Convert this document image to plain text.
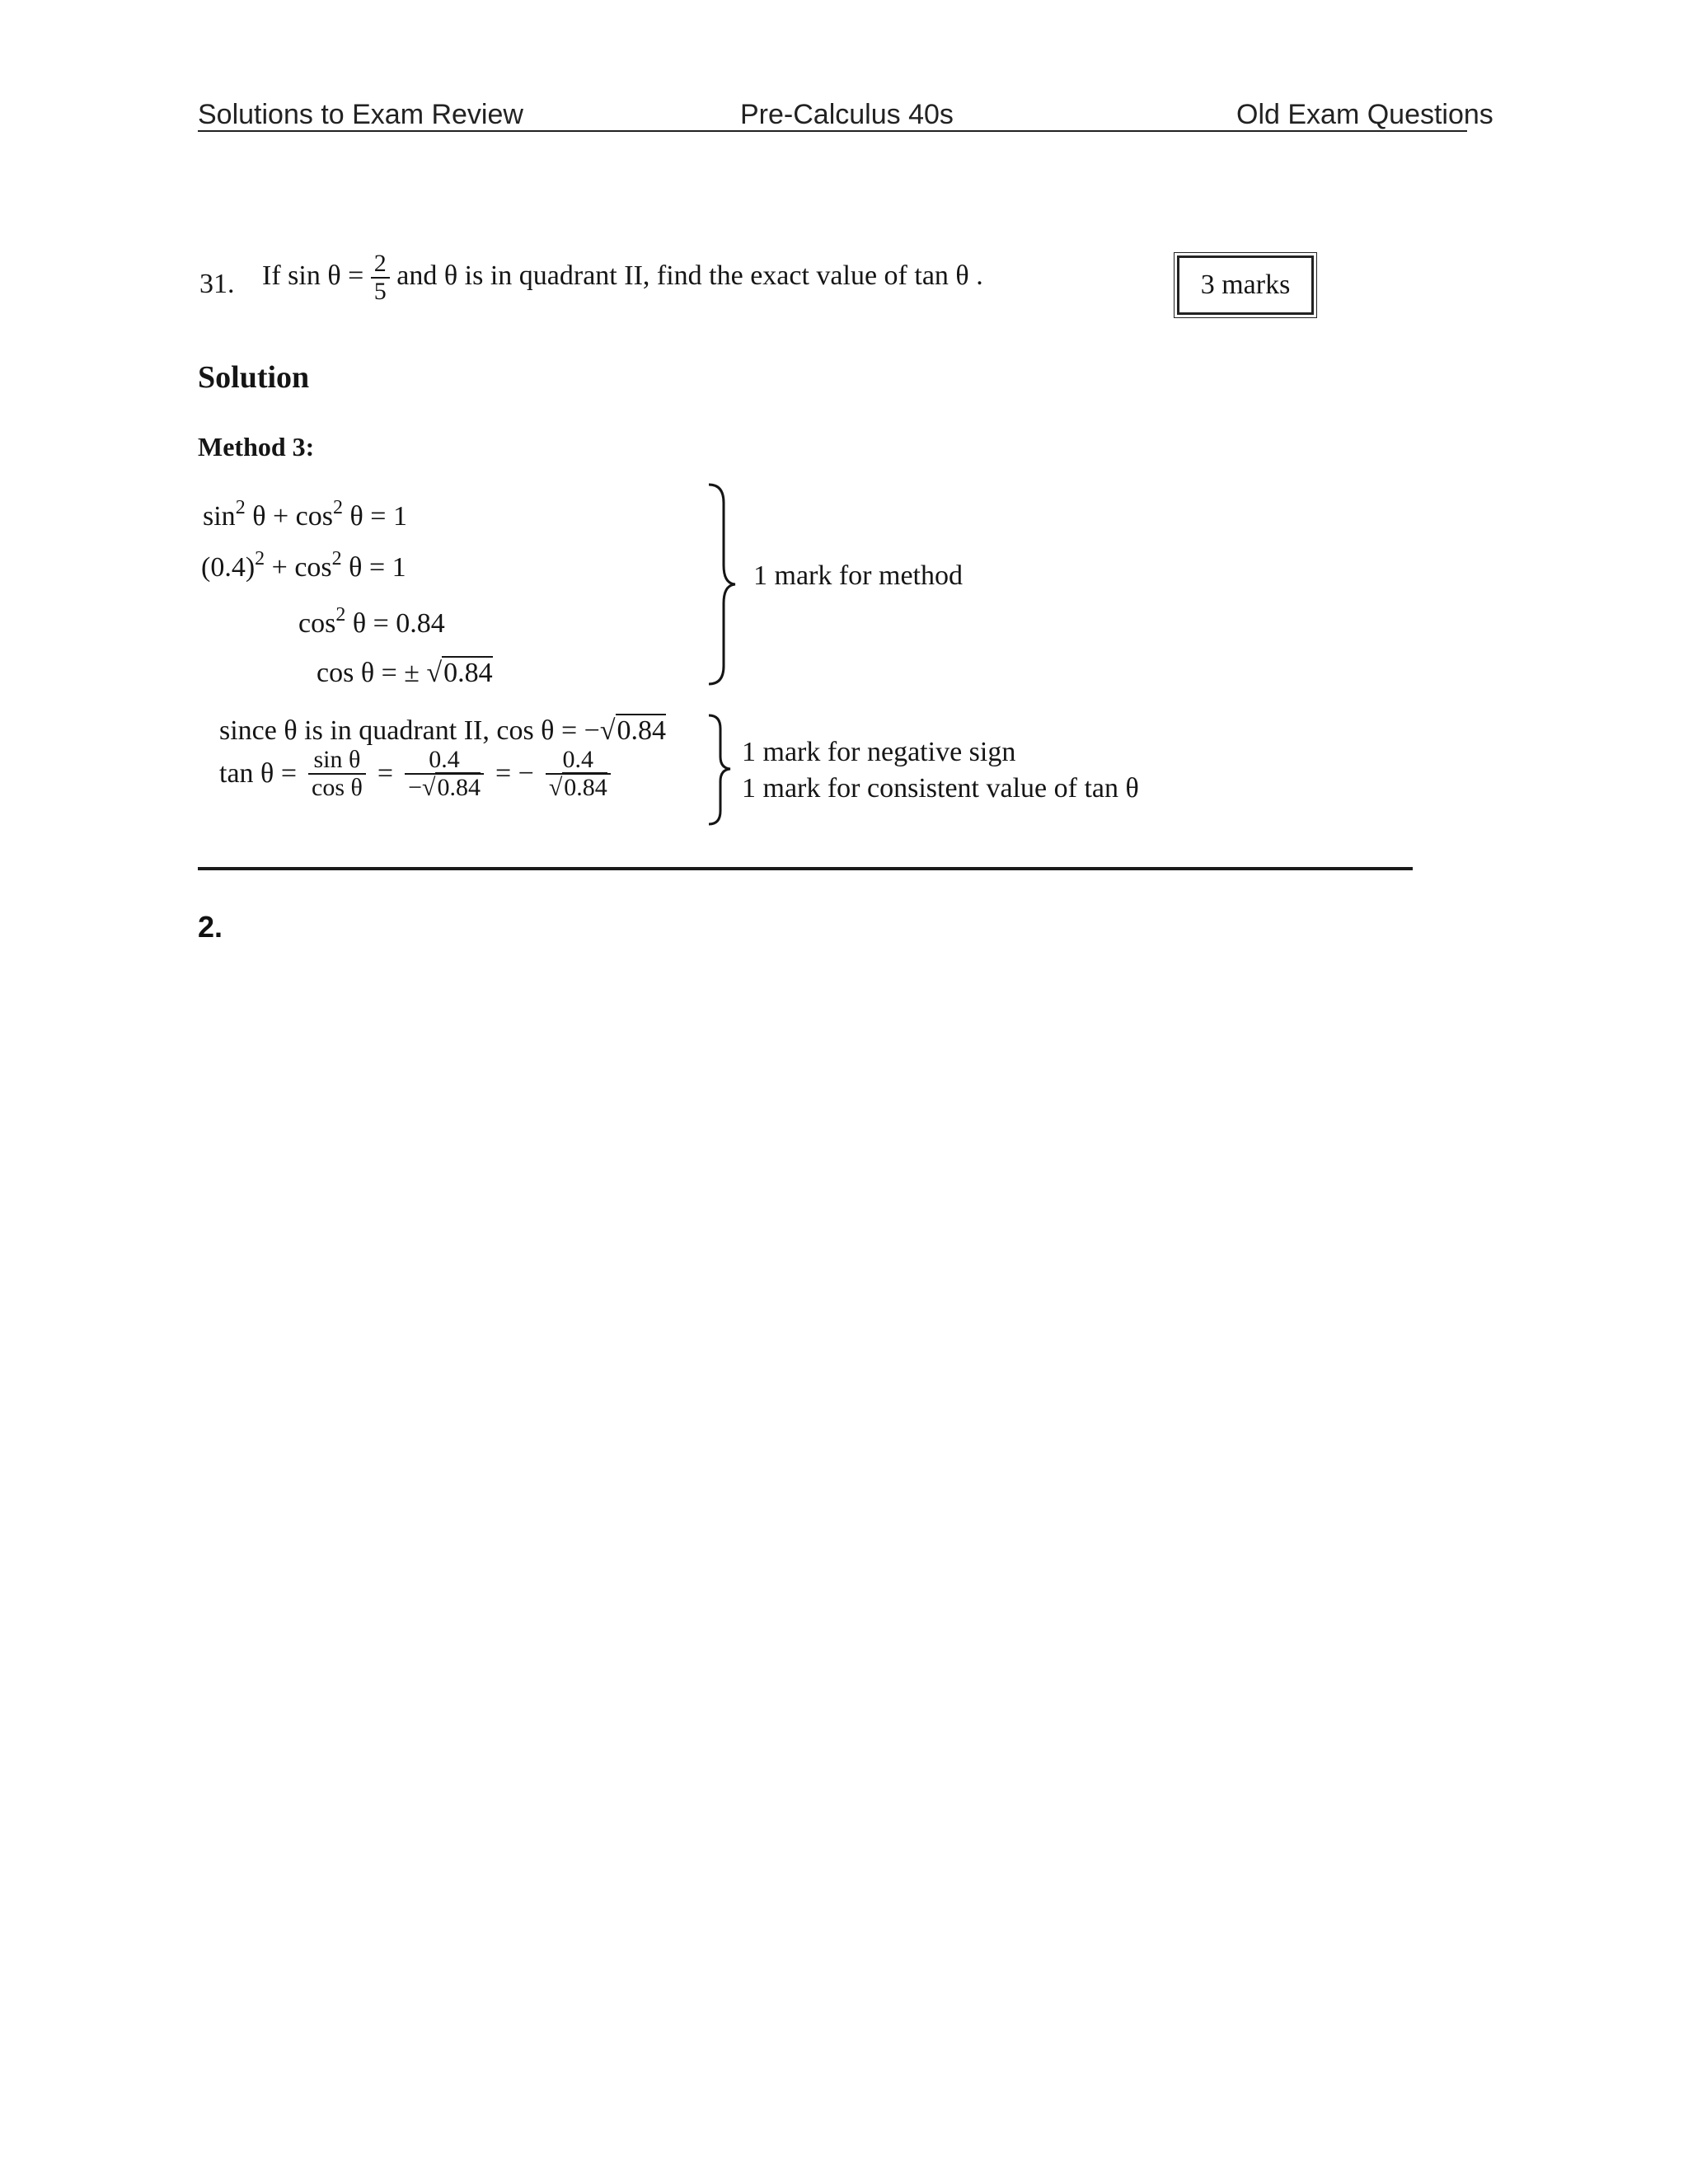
Solutions to Exam Review	Pre-Calculus 40s	Old Exam Questions
31. If $\sin \theta = \frac{2}{5}$ and θ is in quadrant II, find the exact value of tan θ .	3 marks
Solution
Method 3:
$\sin^2 \theta + \cos^2 \theta = 1$
$(0.4)^2 + \cos^2 \theta = 1$
$\cos^2 \theta = 0.84$
cos θ = ± √0.84
1 mark for method
since θ is in quadrant II, cos θ = −√0.84
$\tan \theta = \frac{\text{sin θ}}{\text{cos θ}} = \frac{0.4}{-√0.84}$ = − $\frac{0.4}{√0.84}$	1 mark for negative sign
1 mark for consistent value of tan θ
2.
